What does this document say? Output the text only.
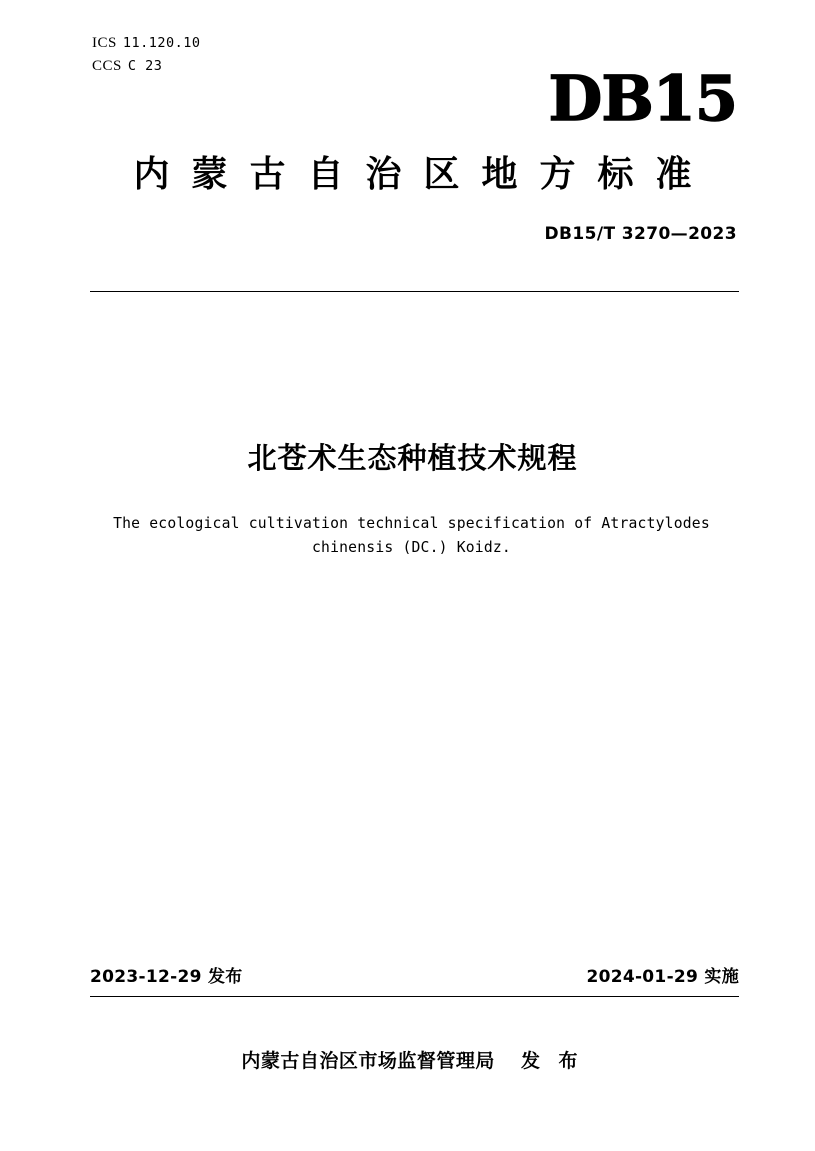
ICS 11.120.10
CCS C 23	DB15
内蒙古自治区地方标准
DB15/T 3270—2023
北苍术生态种植技术规程
The ecological cultivation technical specification of Atractylodes chinensis (DC.) Koidz.
2023-12-29 发布	2024-01-29 实施
内蒙古自治区市场监督管理局 发 布
